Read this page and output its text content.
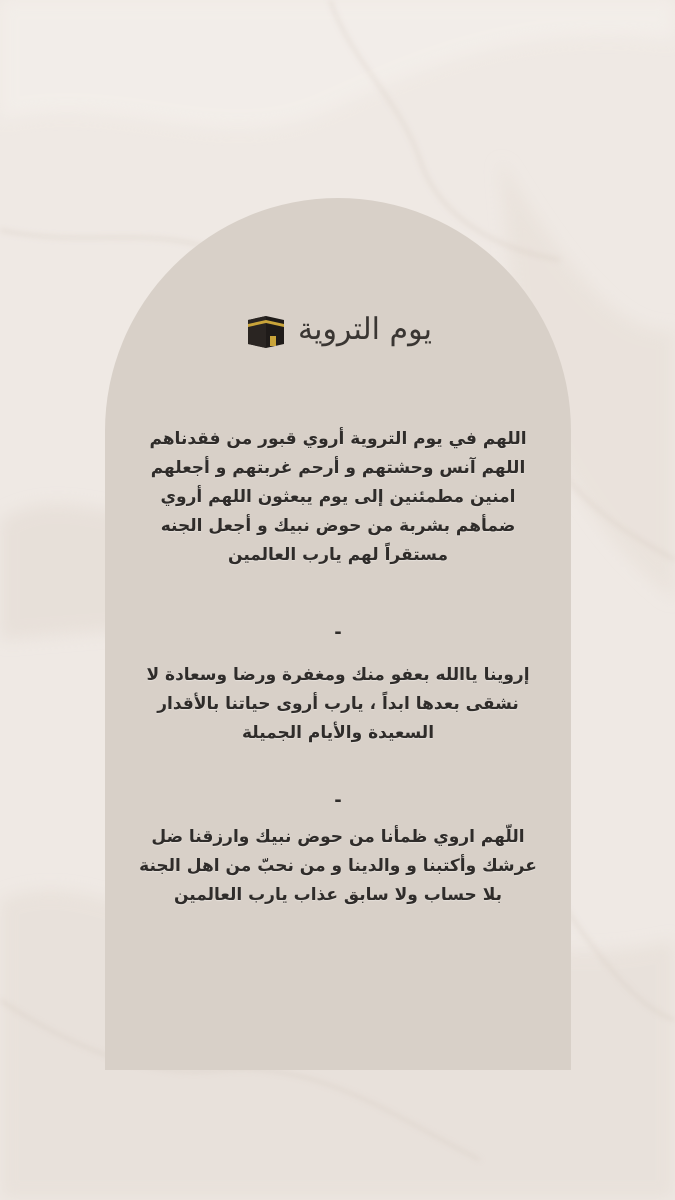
يوم التروية
اللهم في يوم التروية أروي قبور من فقدناهم
اللهم آنس وحشتهم و أرحم غربتهم و أجعلهم
امنين مطمئنين إلى يوم يبعثون اللهم أروي
ضمأهم بشربة من حوض نبيك و أجعل الجنه
مستقراً لهم يارب العالمين
-
إروينا ياالله بعفو منك ومغفرة ورضا وسعادة لا
نشقى بعدها ابداً ، يارب أروى حياتنا بالأقدار
السعيدة والأيام الجميلة
-
اللّهم اروي ظمأنا من حوض نبيك وارزقنا ضل
عرشك وأكتبنا و والدينا و من نحبّ من اهل الجنة
بلا حساب ولا سابق عذاب يارب العالمين
